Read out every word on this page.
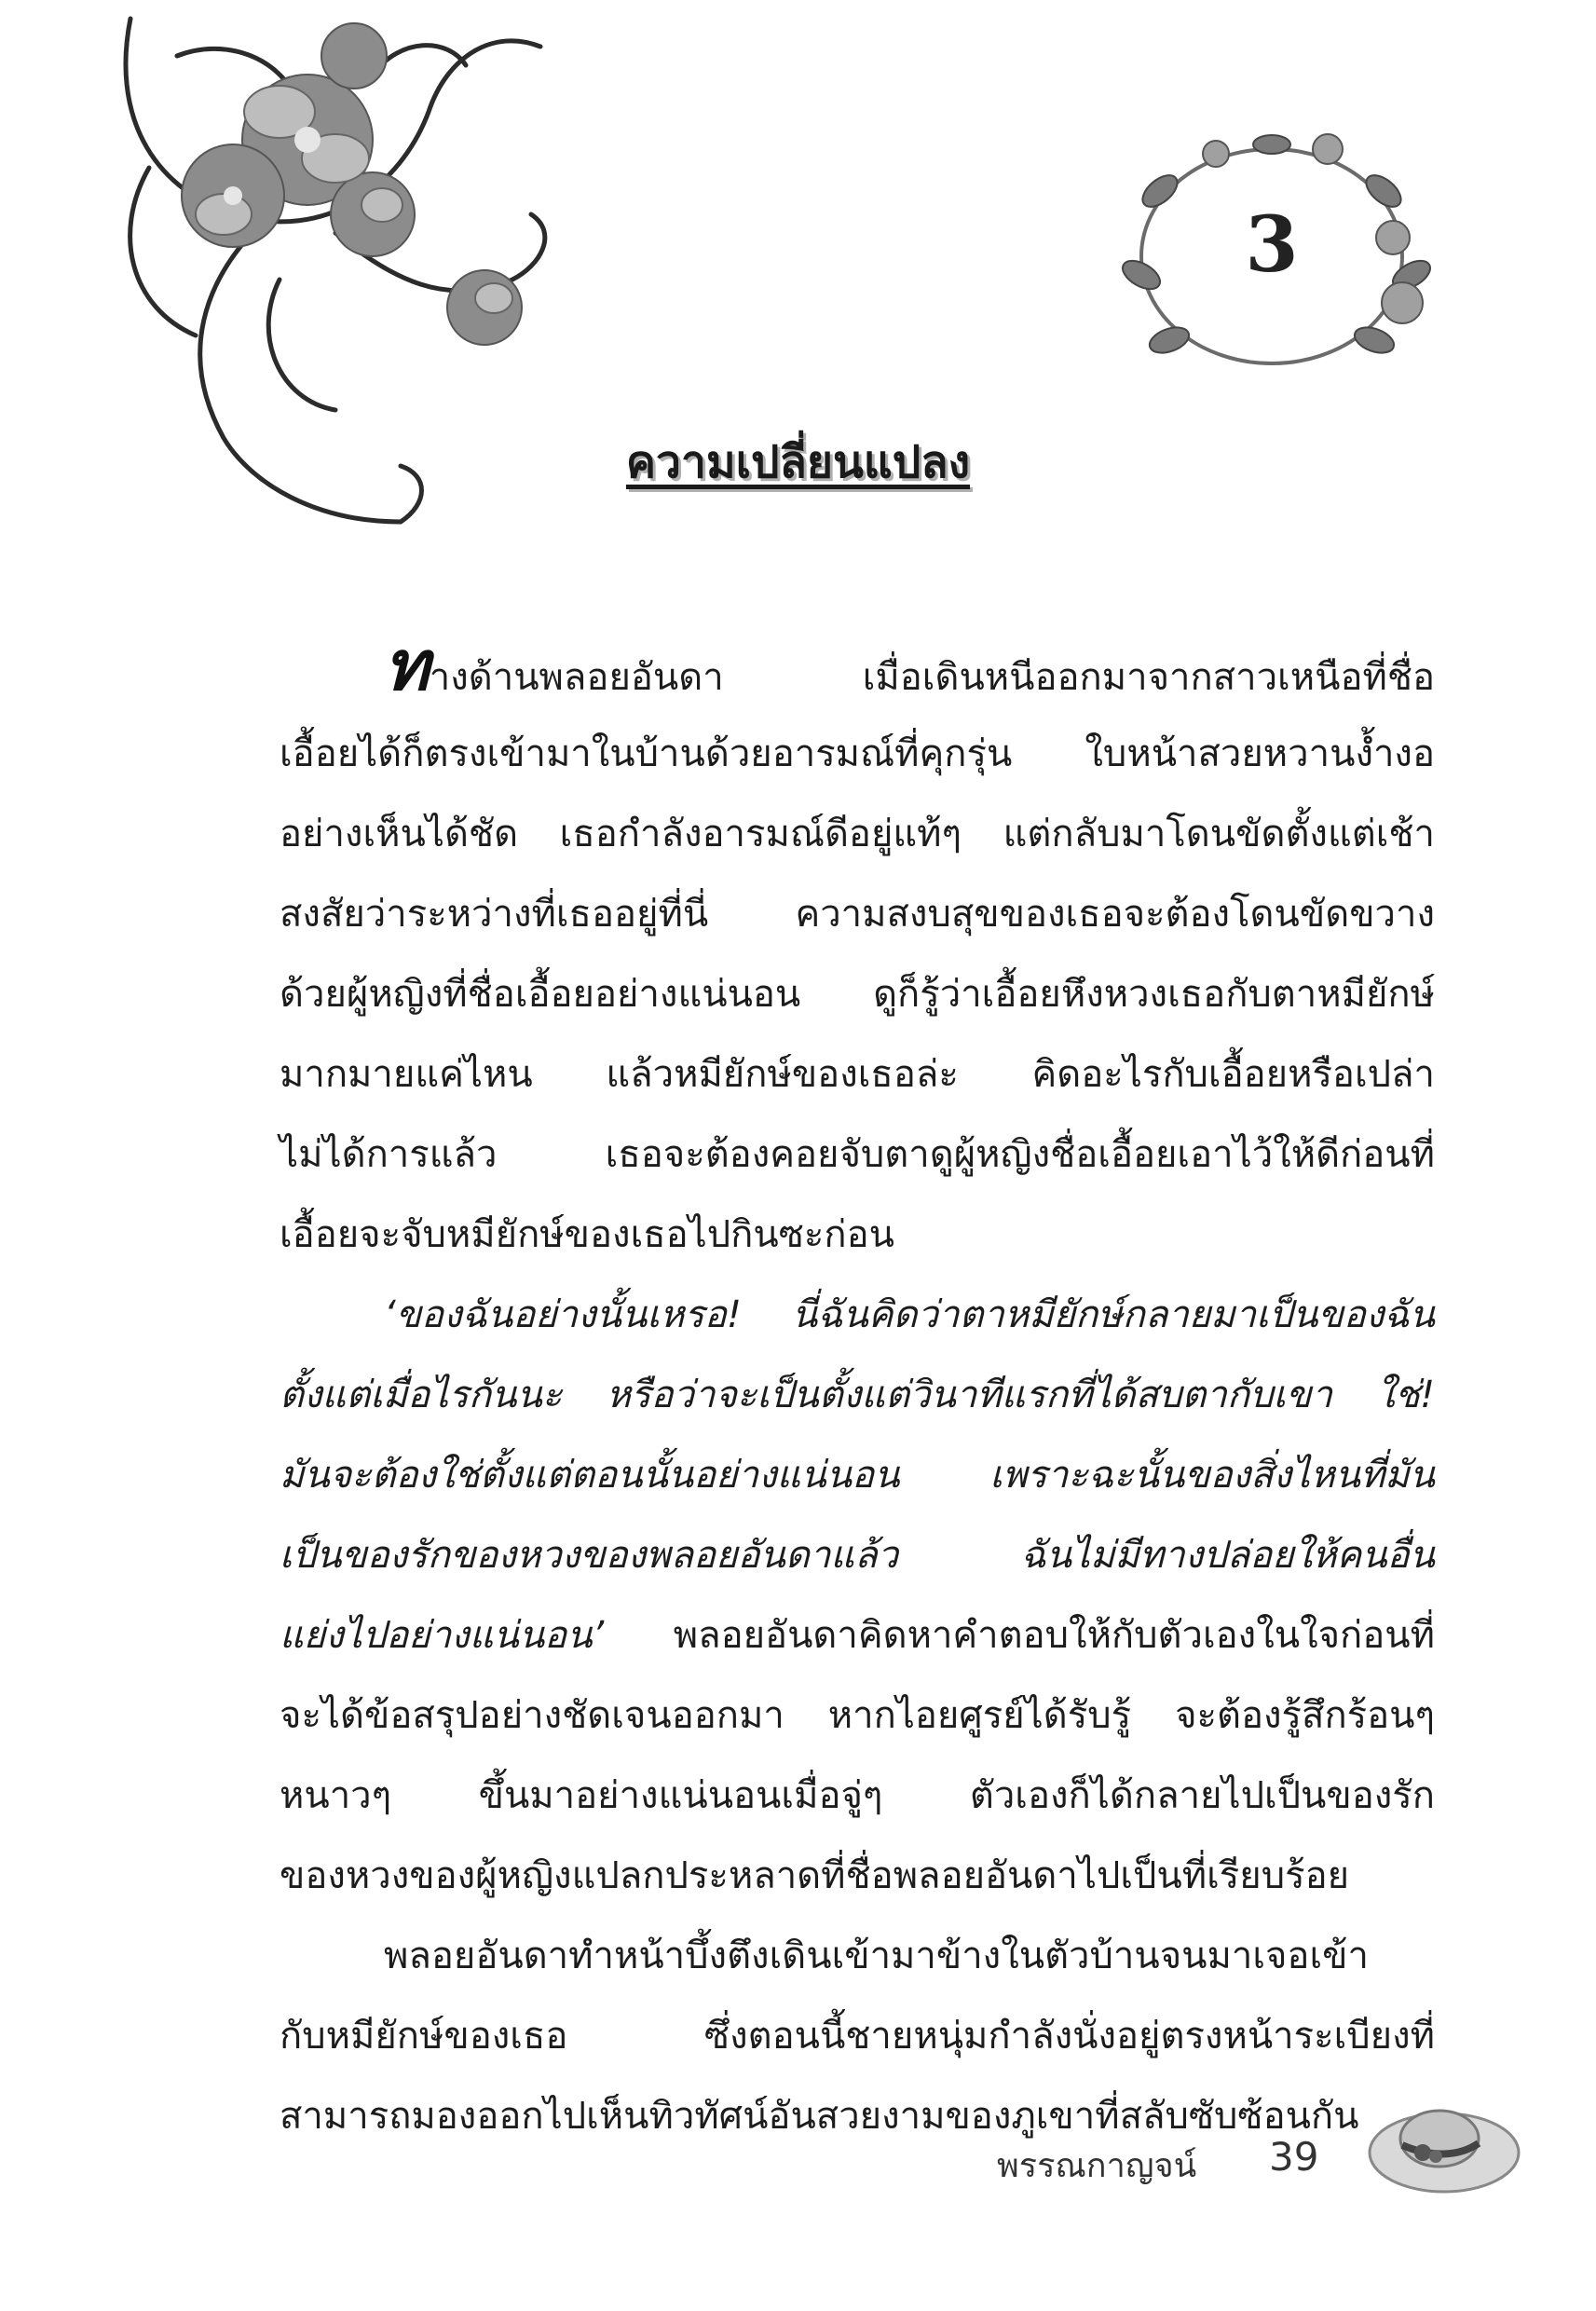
3
ความเปลี่ยนแปลง
ทางด้านพลอยอันดา เมื่อเดินหนีออกมาจากสาวเหนือที่ชื่อ
เอื้อยได้ก็ตรงเข้ามาในบ้านด้วยอารมณ์ที่คุกรุ่น ใบหน้าสวยหวานง้ำงอ
อย่างเห็นได้ชัด เธอกำลังอารมณ์ดีอยู่แท้ๆ แต่กลับมาโดนขัดตั้งแต่เช้า
สงสัยว่าระหว่างที่เธออยู่ที่นี่ ความสงบสุขของเธอจะต้องโดนขัดขวาง
ด้วยผู้หญิงที่ชื่อเอื้อยอย่างแน่นอน ดูก็รู้ว่าเอื้อยหึงหวงเธอกับตาหมียักษ์
มากมายแค่ไหน แล้วหมียักษ์ของเธอล่ะ คิดอะไรกับเอื้อยหรือเปล่า
ไม่ได้การแล้ว เธอจะต้องคอยจับตาดูผู้หญิงชื่อเอื้อยเอาไว้ให้ดีก่อนที่
เอื้อยจะจับหมียักษ์ของเธอไปกินซะก่อน
‘ของฉันอย่างนั้นเหรอ! นี่ฉันคิดว่าตาหมียักษ์กลายมาเป็นของฉัน
ตั้งแต่เมื่อไรกันนะ หรือว่าจะเป็นตั้งแต่วินาทีแรกที่ได้สบตากับเขา ใช่!
มันจะต้องใช่ตั้งแต่ตอนนั้นอย่างแน่นอน เพราะฉะนั้นของสิ่งไหนที่มัน
เป็นของรักของหวงของพลอยอันดาแล้ว ฉันไม่มีทางปล่อยให้คนอื่น
แย่งไปอย่างแน่นอน’ พลอยอันดาคิดหาคำตอบให้กับตัวเองในใจก่อนที่
จะได้ข้อสรุปอย่างชัดเจนออกมา หากไอยศูรย์ได้รับรู้ จะต้องรู้สึกร้อนๆ
หนาวๆ ขึ้นมาอย่างแน่นอนเมื่อจู่ๆ ตัวเองก็ได้กลายไปเป็นของรัก
ของหวงของผู้หญิงแปลกประหลาดที่ชื่อพลอยอันดาไปเป็นที่เรียบร้อย
พลอยอันดาทำหน้าบึ้งตึงเดินเข้ามาข้างในตัวบ้านจนมาเจอเข้า
กับหมียักษ์ของเธอ ซึ่งตอนนี้ชายหนุ่มกำลังนั่งอยู่ตรงหน้าระเบียงที่
สามารถมองออกไปเห็นทิวทัศน์อันสวยงามของภูเขาที่สลับซับซ้อนกัน
พรรณกาญจน์ 39
